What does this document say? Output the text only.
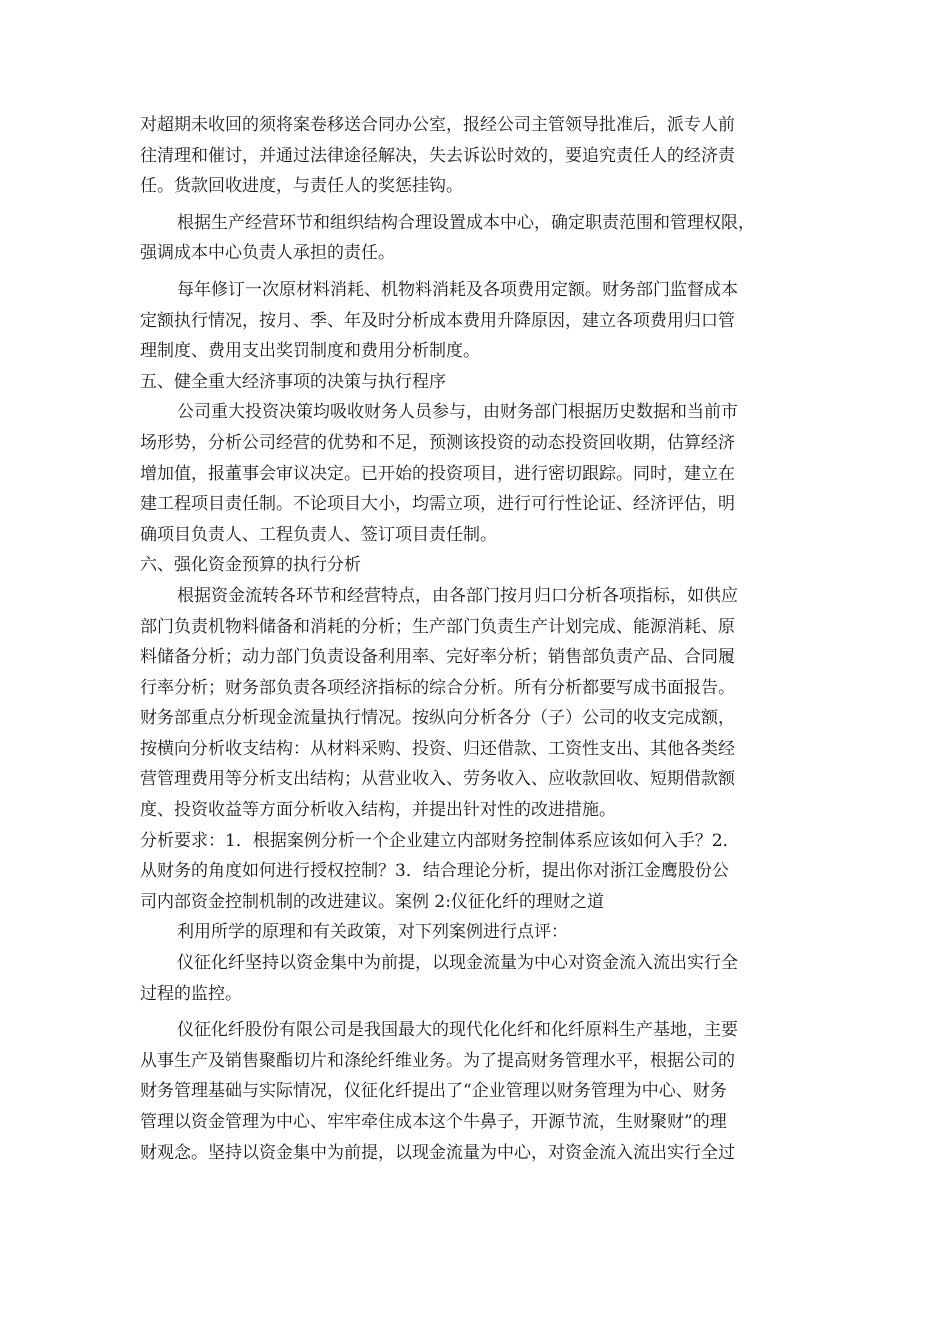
对超期未收回的须将案卷移送合同办公室，报经公司主管领导批准后，派专人前
往清理和催讨，并通过法律途径解决，失去诉讼时效的，要追究责任人的经济责
任。货款回收进度，与责任人的奖惩挂钩。
根据生产经营环节和组织结构合理设置成本中心，确定职责范围和管理权限，
强调成本中心负责人承担的责任。
每年修订一次原材料消耗、机物料消耗及各项费用定额。财务部门监督成本
定额执行情况，按月、季、年及时分析成本费用升降原因，建立各项费用归口管
理制度、费用支出奖罚制度和费用分析制度。
五、健全重大经济事项的决策与执行程序
公司重大投资决策均吸收财务人员参与，由财务部门根据历史数据和当前市
场形势，分析公司经营的优势和不足，预测该投资的动态投资回收期，估算经济
增加值，报董事会审议决定。已开始的投资项目，进行密切跟踪。同时，建立在
建工程项目责任制。不论项目大小，均需立项，进行可行性论证、经济评估，明
确项目负责人、工程负责人、签订项目责任制。
六、强化资金预算的执行分析
根据资金流转各环节和经营特点，由各部门按月归口分析各项指标，如供应
部门负责机物料储备和消耗的分析；生产部门负责生产计划完成、能源消耗、原
料储备分析；动力部门负责设备利用率、完好率分析；销售部负责产品、合同履
行率分析；财务部负责各项经济指标的综合分析。所有分析都要写成书面报告。
财务部重点分析现金流量执行情况。按纵向分析各分（子）公司的收支完成额，
按横向分析收支结构：从材料采购、投资、归还借款、工资性支出、其他各类经
营管理费用等分析支出结构；从营业收入、劳务收入、应收款回收、短期借款额
度、投资收益等方面分析收入结构，并提出针对性的改进措施。
分析要求：1．根据案例分析一个企业建立内部财务控制体系应该如何入手？2．
从财务的角度如何进行授权控制？3．结合理论分析，提出你对浙江金鹰股份公
司内部资金控制机制的改进建议。案例 2:仪征化纤的理财之道
利用所学的原理和有关政策，对下列案例进行点评：
仪征化纤坚持以资金集中为前提，以现金流量为中心对资金流入流出实行全
过程的监控。
仪征化纤股份有限公司是我国最大的现代化化纤和化纤原料生产基地，主要
从事生产及销售聚酯切片和涤纶纤维业务。为了提高财务管理水平，根据公司的
财务管理基础与实际情况，仪征化纤提出了“企业管理以财务管理为中心、财务
管理以资金管理为中心、牢牢牵住成本这个牛鼻子，开源节流，生财聚财”的理
财观念。坚持以资金集中为前提，以现金流量为中心，对资金流入流出实行全过
